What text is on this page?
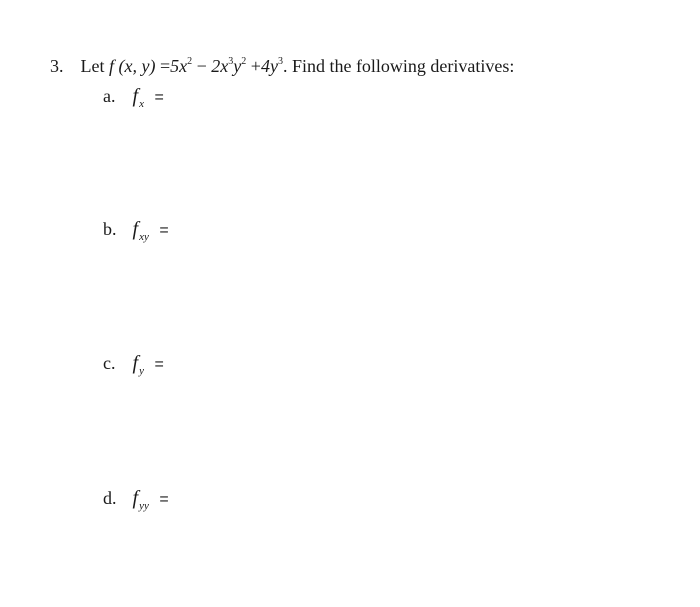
3. Let f (x, $y) =5x^2 - 2x^3y^2 +4y^3$. Find the following derivatives:
a. $f_x$ =
b. $f_{xy}$ =
c. $f_y$ =
d. $f_{yy}$ =
